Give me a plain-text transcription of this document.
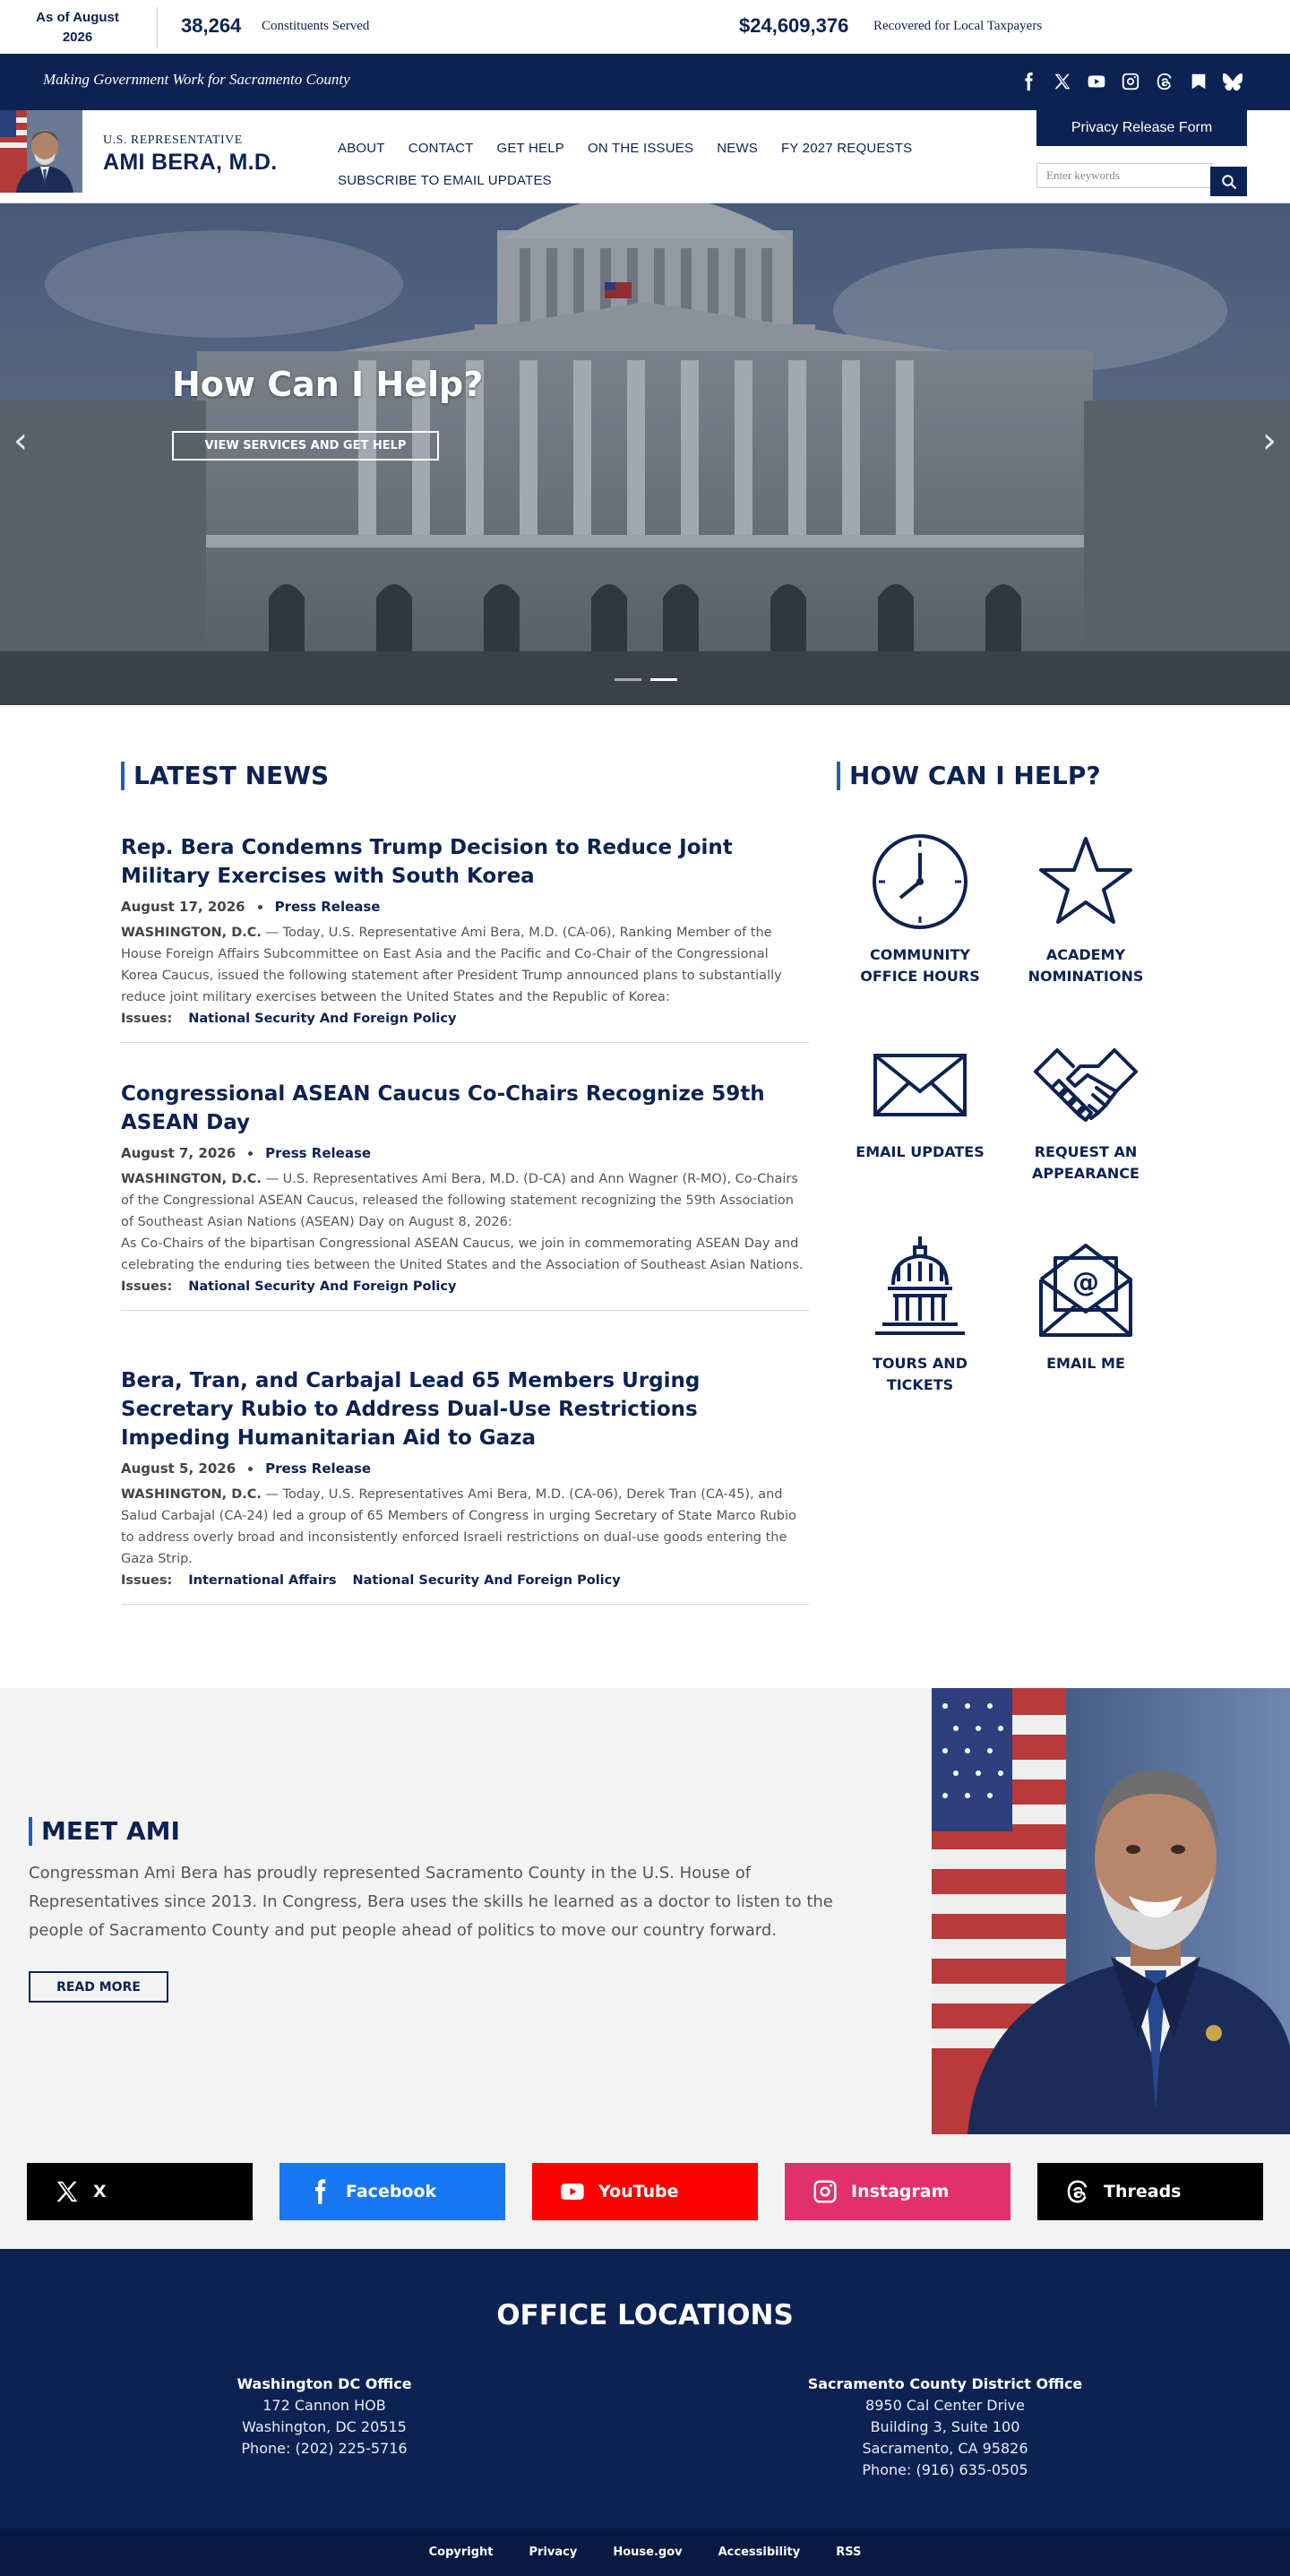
As of August
2026
38,264 Constituents Served	$24,609,376 Recovered for Local Taxpayers
Making Government Work for Sacramento County
U.S. REPRESENTATIVE
AMI BERA, M.D.
ABOUT CONTACT GET HELP ON THE ISSUES NEWS FY 2027 REQUESTS
SUBSCRIBE TO EMAIL UPDATES
Privacy Release Form
Enter keywords
How Can I Help?
VIEW SERVICES AND GET HELP
‹	›
LATEST NEWS
Rep. Bera Condemns Trump Decision to Reduce Joint Military Exercises with South Korea
August 17, 2026 Press Release
WASHINGTON, D.C. — Today, U.S. Representative Ami Bera, M.D. (CA-06), Ranking Member of the House Foreign Affairs Subcommittee on East Asia and the Pacific and Co-Chair of the Congressional Korea Caucus, issued the following statement after President Trump announced plans to substantially reduce joint military exercises between the United States and the Republic of Korea:
Issues: National Security And Foreign Policy
Congressional ASEAN Caucus Co-Chairs Recognize 59th ASEAN Day
August 7, 2026 Press Release
WASHINGTON, D.C. — U.S. Representatives Ami Bera, M.D. (D-CA) and Ann Wagner (R-MO), Co-Chairs of the Congressional ASEAN Caucus, released the following statement recognizing the 59th Association of Southeast Asian Nations (ASEAN) Day on August 8, 2026:
As Co-Chairs of the bipartisan Congressional ASEAN Caucus, we join in commemorating ASEAN Day and celebrating the enduring ties between the United States and the Association of Southeast Asian Nations.
Issues: National Security And Foreign Policy
Bera, Tran, and Carbajal Lead 65 Members Urging Secretary Rubio to Address Dual-Use Restrictions Impeding Humanitarian Aid to Gaza
August 5, 2026 Press Release
WASHINGTON, D.C. — Today, U.S. Representatives Ami Bera, M.D. (CA-06), Derek Tran (CA-45), and Salud Carbajal (CA-24) led a group of 65 Members of Congress in urging Secretary of State Marco Rubio to address overly broad and inconsistently enforced Israeli restrictions on dual-use goods entering the Gaza Strip.
Issues: International Affairs National Security And Foreign Policy
HOW CAN I HELP?
COMMUNITY OFFICE HOURS
ACADEMY NOMINATIONS
EMAIL UPDATES	REQUEST AN APPEARANCE
TOURS AND TICKETS
@
EMAIL ME
MEET AMI
Congressman Ami Bera has proudly represented Sacramento County in the U.S. House of Representatives since 2013. In Congress, Bera uses the skills he learned as a doctor to listen to the people of Sacramento County and put people ahead of politics to move our country forward.
READ MORE
X	Facebook	YouTube	Instagram	Threads
OFFICE LOCATIONS
Washington DC Office
172 Cannon HOB
Washington, DC 20515
Phone: (202) 225-5716
Sacramento County District Office
8950 Cal Center Drive
Building 3, Suite 100
Sacramento, CA 95826
Phone: (916) 635-0505
Copyright	Privacy	House.gov	Accessibility	RSS
